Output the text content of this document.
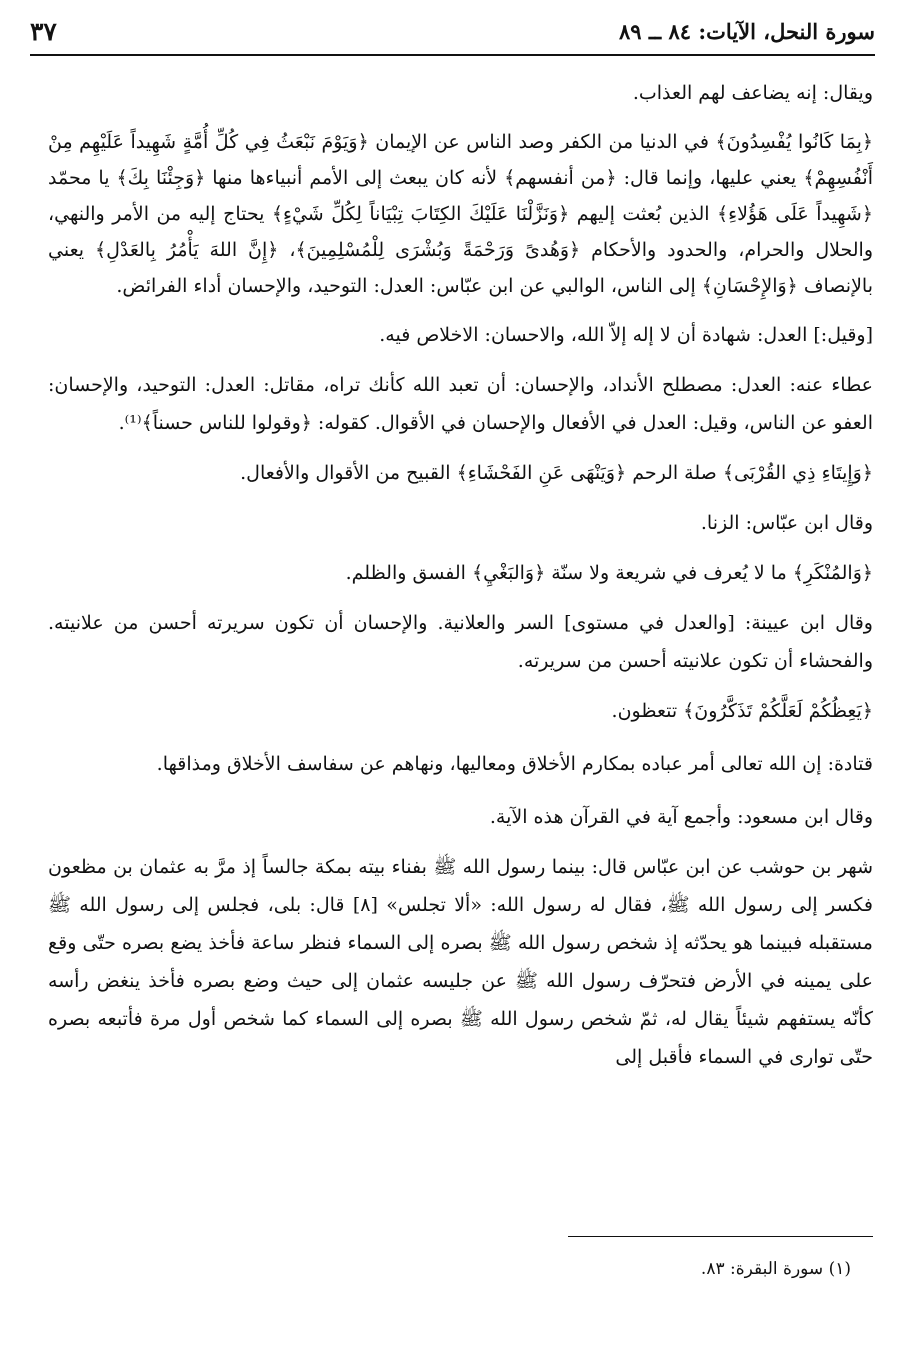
سورة النحل، الآيات: ٨٤ ــ ٨٩
٣٧

ويقال: إنه يضاعف لهم العذاب.

﴿بِمَا كَانُوا يُفْسِدُونَ﴾ في الدنيا من الكفر وصد الناس عن الإيمان ﴿وَيَوْمَ نَبْعَثُ فِي كُلِّ أُمَّةٍ شَهِيداً عَلَيْهِم مِنْ أَنْفُسِهِمْ﴾ يعني عليها، وإنما قال: ﴿من أنفسهم﴾ لأنه كان يبعث إلى الأمم أنبياءها منها ﴿وَجِئْنَا بِكَ﴾ يا محمّد ﴿شَهِيداً عَلَى هَؤُلاءِ﴾ الذين بُعثت إليهم ﴿وَنَزَّلْنَا عَلَيْكَ الكِتَابَ تِبْيَاناً لِكُلِّ شَيْءٍ﴾ يحتاج إليه من الأمر والنهي، والحلال والحرام، والحدود والأحكام ﴿وَهُدىً وَرَحْمَةً وَبُشْرَى لِلْمُسْلِمِينَ﴾، ﴿إِنَّ اللهَ يَأْمُرُ بِالعَدْلِ﴾ يعني بالإنصاف ﴿وَالإِحْسَانِ﴾ إلى الناس، الوالبي عن ابن عبّاس: العدل: التوحيد، والإحسان أداء الفرائض.

[وقيل:] العدل: شهادة أن لا إله إلاّ الله، والاحسان: الاخلاص فيه.

عطاء عنه: العدل: مصطلح الأنداد، والإحسان: أن تعبد الله كأنك تراه، مقاتل: العدل: التوحيد، والإحسان: العفو عن الناس، وقيل: العدل في الأفعال والإحسان في الأقوال. كقوله: ﴿وقولوا للناس حسناً﴾⁽¹⁾.

﴿وَإِيتَاءِ ذِي القُرْبَى﴾ صلة الرحم ﴿وَيَنْهَى عَنِ الفَحْشَاءِ﴾ القبيح من الأقوال والأفعال.

وقال ابن عبّاس: الزنا.

﴿وَالمُنْكَرِ﴾ ما لا يُعرف في شريعة ولا سنّة ﴿وَالبَغْيِ﴾ الفسق والظلم.

وقال ابن عيينة: [والعدل في مستوى] السر والعلانية. والإحسان أن تكون سريرته أحسن من علانيته. والفحشاء أن تكون علانيته أحسن من سريرته.

﴿يَعِظُكُمْ لَعَلَّكُمْ تَذَكَّرُونَ﴾ تتعظون.

قتادة: إن الله تعالى أمر عباده بمكارم الأخلاق ومعاليها، ونهاهم عن سفاسف الأخلاق ومذاقها.

وقال ابن مسعود: وأجمع آية في القرآن هذه الآية.

شهر بن حوشب عن ابن عبّاس قال: بينما رسول الله ﷺ بفناء بيته بمكة جالساً إذ مرَّ به عثمان بن مظعون فكسر إلى رسول الله ﷺ، فقال له رسول الله: «ألا تجلس» [٨] قال: بلى، فجلس إلى رسول الله ﷺ مستقبله فبينما هو يحدّثه إذ شخص رسول الله ﷺ بصره إلى السماء فنظر ساعة فأخذ يضع بصره حتّى وقع على يمينه في الأرض فتحرّف رسول الله ﷺ عن جليسه عثمان إلى حيث وضع بصره فأخذ ينغض رأسه كأنّه يستفهم شيئاً يقال له، ثمّ شخص رسول الله ﷺ بصره إلى السماء كما شخص أول مرة فأتبعه بصره حتّى توارى في السماء فأقبل إلى

(١) سورة البقرة: ٨٣.
